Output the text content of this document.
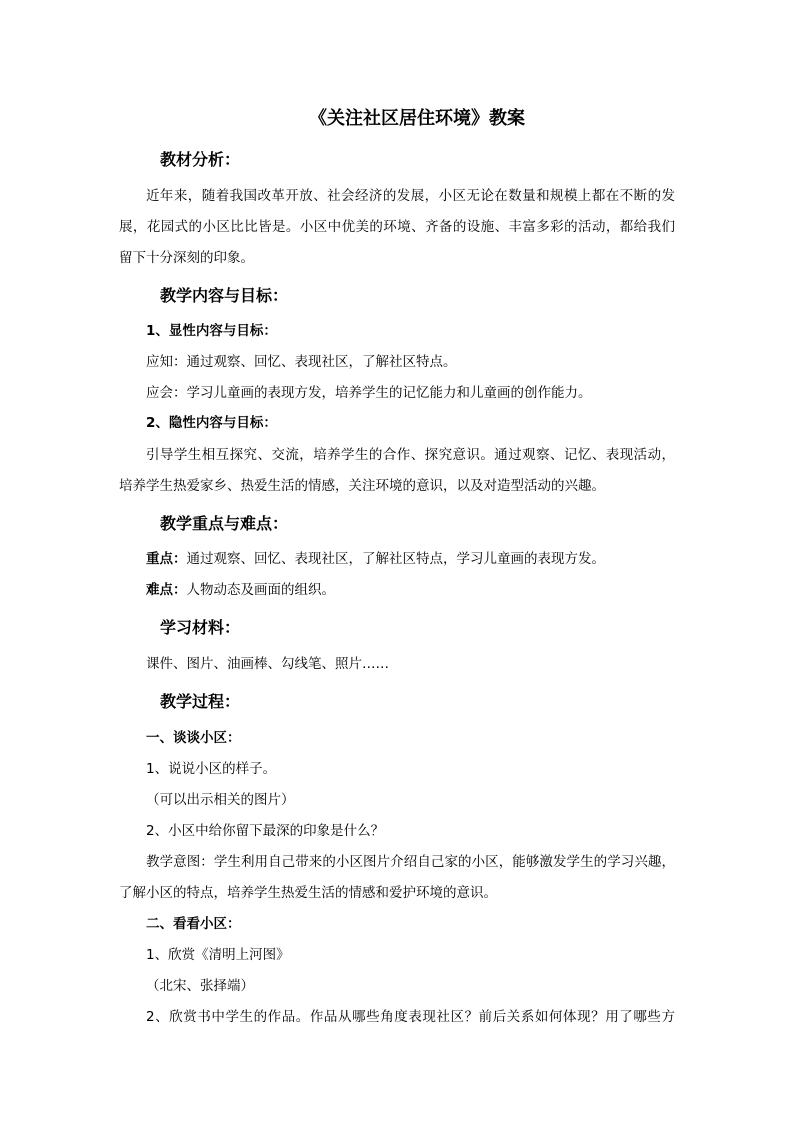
《关注社区居住环境》教案
教材分析：
近年来，随着我国改革开放、社会经济的发展，小区无论在数量和规模上都在不断的发
展，花园式的小区比比皆是。小区中优美的环境、齐备的设施、丰富多彩的活动，都给我们
留下十分深刻的印象。
教学内容与目标：
1、显性内容与目标：
应知：通过观察、回忆、表现社区，了解社区特点。
应会：学习儿童画的表现方发，培养学生的记忆能力和儿童画的创作能力。
2、隐性内容与目标：
引导学生相互探究、交流，培养学生的合作、探究意识。通过观察、记忆、表现活动，
培养学生热爱家乡、热爱生活的情感，关注环境的意识，以及对造型活动的兴趣。
教学重点与难点：
重点：通过观察、回忆、表现社区，了解社区特点，学习儿童画的表现方发。
难点：人物动态及画面的组织。
学习材料：
课件、图片、油画棒、勾线笔、照片……
教学过程：
一、谈谈小区：
1、说说小区的样子。
（可以出示相关的图片）
2、小区中给你留下最深的印象是什么？
教学意图：学生利用自己带来的小区图片介绍自己家的小区，能够激发学生的学习兴趣，
了解小区的特点，培养学生热爱生活的情感和爱护环境的意识。
二、看看小区：
1、欣赏《清明上河图》
（北宋、张择端）
2、欣赏书中学生的作品。作品从哪些角度表现社区？前后关系如何体现？用了哪些方
